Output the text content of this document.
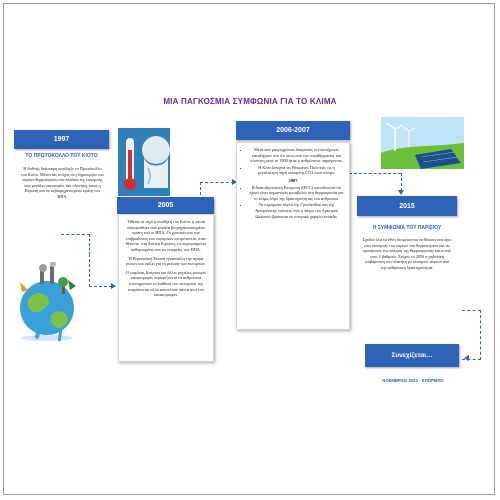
ΜΙΑ ΠΑΓΚΟΣΜΙΑ ΣΥΜΦΩΝΙΑ ΓΙΑ ΤΟ ΚΛΙΜΑ
1997
ΤΟ ΠΡΩΤΟΚΟΛΛΟ ΤΟΥ ΚΙΟΤΟ
Η διεθνής διάσκεψη κατέληξε το Πρωτόκολλο του Κιότο. Μένοντας στόχος στη δημιουργία των αερίων θερμοκηπίου στα πλαίσια της εκπομπής από μεγάλες οικονομίες του πλανήτη, όπως η Ευρώπη και τα εκβιομηχανισμένα κράτη των ΗΠΑ.
2005
Τίθεται σε ισχύ η συνθήκη του Κιότο, η οποία επικυρώθηκε από μεγάλα βιομηχανοποιημένα κράτη ενώ οι ΗΠΑ. Οι χρονικές και την επιβραδύνση των εκπομπών επιτρέπονται, όταν θέτουνε, στη Δυτική Ευρώπη, τις περιορισμένες καθορισμένες και τις εταιρείες των ΗΠΑ.
Η Ευρωπαϊκή Ένωση εγκαινιάζει την αγορά ρύπων και ορίζει για τη μείωση των εκπομπών.
Ο τυφώνας Κατρίνα και άλλες μεγάλες φυσικές καταστροφές περιορίζονται τα ανθρώπινα επιστημονικά τη διάθεση των εκπομπών της επιτρέπονται αλλά αποτελούν πάντα αντί των καταστροφών.
2006-2007
• Μετά από μακροχρόνιες διαφωνίες οι επιστήμονες καταλήγουν στο ότι πίσω από την υπερθέρμανση του πλανήτη μετά το 1900 ήταν ο ανθρώπινος παράγοντας.
• Η Κίνα ξεπερνά τις Ηνωμένες Πολιτείες ως η μεγαλύτερη πηγή εκπομπής CO2 στον κόσμο.
2007
• Η Διακυβερνητική Επιτροπή (IPCC) προειδοποιεί ότι έχουν γίνει σημαντικές μεταβολές στη θερμοκρασία και το κλίμα λόγω της δραστηριότητας του ανθρώπου.
• Τα στρώματα πάγου της Γροιλανδίας και της Ανταρκτικής λιώνουν, ενώ ο πάγος του Αρκτικού Ωκεανού βρίσκεται σε ιστορικά χαμηλά επίπεδα.
2015
Η ΣΥΜΦΩΝΙΑ ΤΟΥ ΠΑΡΙΣΙΟΥ
Σχεδόν όλα τα έθνη δεσμεύονται να θέσουν ένα όριο στις εκπομπές των αερίων του θερμοκηπίου και να κρατήσουν την αύξηση της θερμοκρασίας κάτω από τους 2 βαθμούς. Στόχος το 2050 η μηδενική επιβάρυνση του πλανήτη με εκπομπές αερίων από την ανθρώπινη δραστηριότητα.
Συνεχίζεται…
ΝΟΕΜΒΡΙΟΣ 2021 - ΚΠΟΡΜΠΟ
